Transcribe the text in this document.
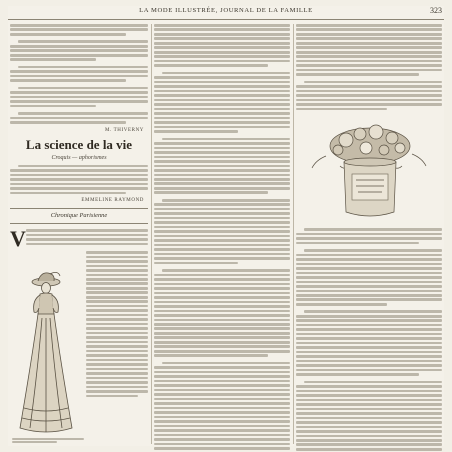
LA MODE ILLUSTRÉE, JOURNAL DE LA FAMILLE	323
M. THIVERNY
La science de la vie
Croquis — aphorismes
EMMELINE RAYMOND
Chronique Parisienne
V
